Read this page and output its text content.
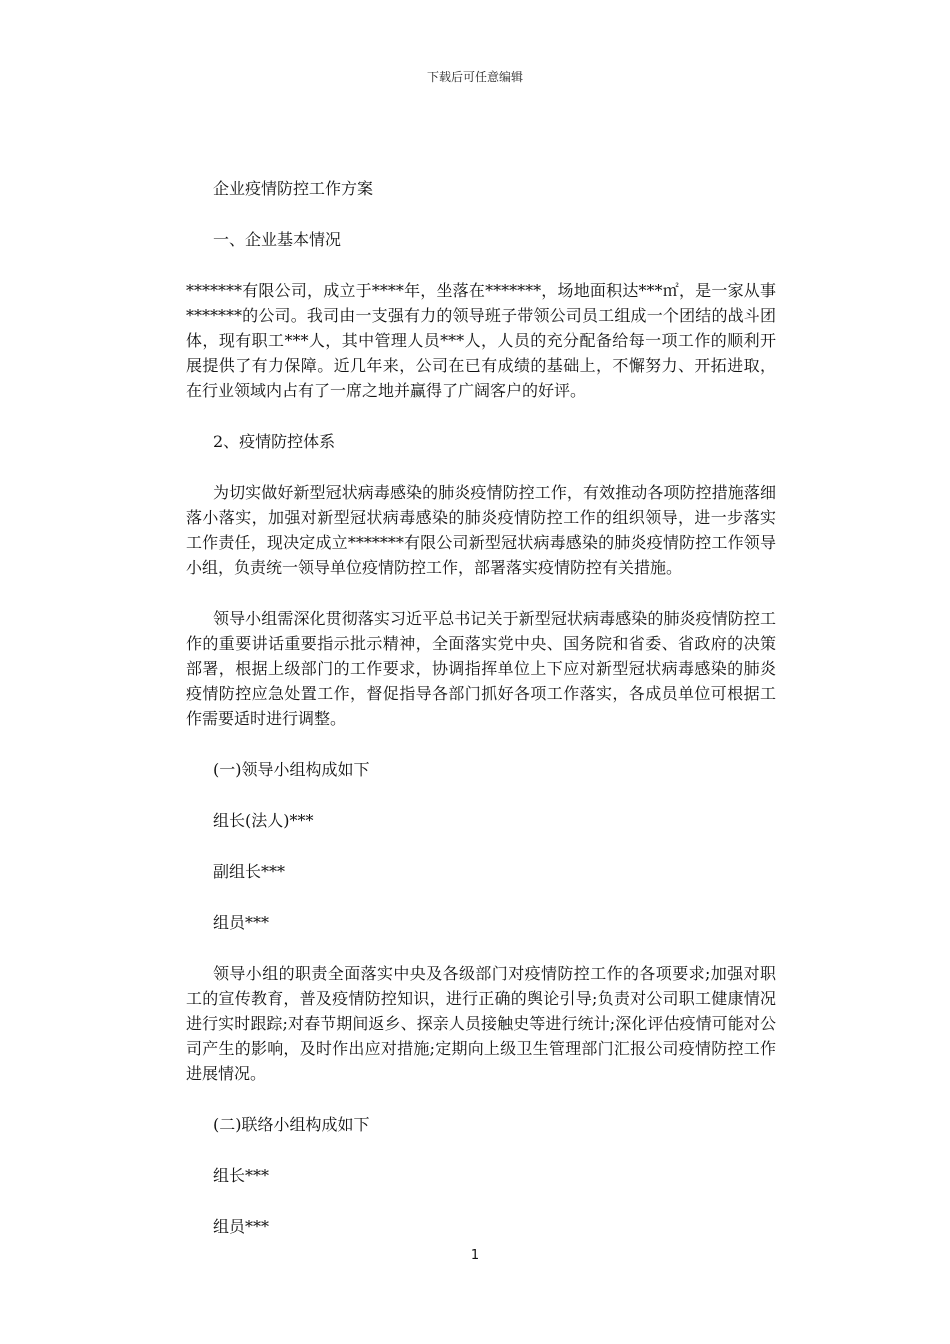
下载后可任意编辑

企业疫情防控工作方案

一、企业基本情况

*******有限公司，成立于****年，坐落在*******，场地面积达***㎡，是一家从事*******的公司。我司由一支强有力的领导班子带领公司员工组成一个团结的战斗团体，现有职工***人，其中管理人员***人，人员的充分配备给每一项工作的顺利开展提供了有力保障。近几年来，公司在已有成绩的基础上，不懈努力、开拓进取，在行业领域内占有了一席之地并赢得了广阔客户的好评。

2、疫情防控体系

为切实做好新型冠状病毒感染的肺炎疫情防控工作，有效推动各项防控措施落细落小落实，加强对新型冠状病毒感染的肺炎疫情防控工作的组织领导，进一步落实工作责任，现决定成立*******有限公司新型冠状病毒感染的肺炎疫情防控工作领导小组，负责统一领导单位疫情防控工作，部署落实疫情防控有关措施。

领导小组需深化贯彻落实习近平总书记关于新型冠状病毒感染的肺炎疫情防控工作的重要讲话重要指示批示精神，全面落实党中央、国务院和省委、省政府的决策部署，根据上级部门的工作要求，协调指挥单位上下应对新型冠状病毒感染的肺炎疫情防控应急处置工作，督促指导各部门抓好各项工作落实，各成员单位可根据工作需要适时进行调整。

(一)领导小组构成如下

组长(法人)***

副组长***

组员***

领导小组的职责全面落实中央及各级部门对疫情防控工作的各项要求;加强对职工的宣传教育，普及疫情防控知识，进行正确的舆论引导;负责对公司职工健康情况进行实时跟踪;对春节期间返乡、探亲人员接触史等进行统计;深化评估疫情可能对公司产生的影响，及时作出应对措施;定期向上级卫生管理部门汇报公司疫情防控工作进展情况。

(二)联络小组构成如下

组长***

组员***

1
